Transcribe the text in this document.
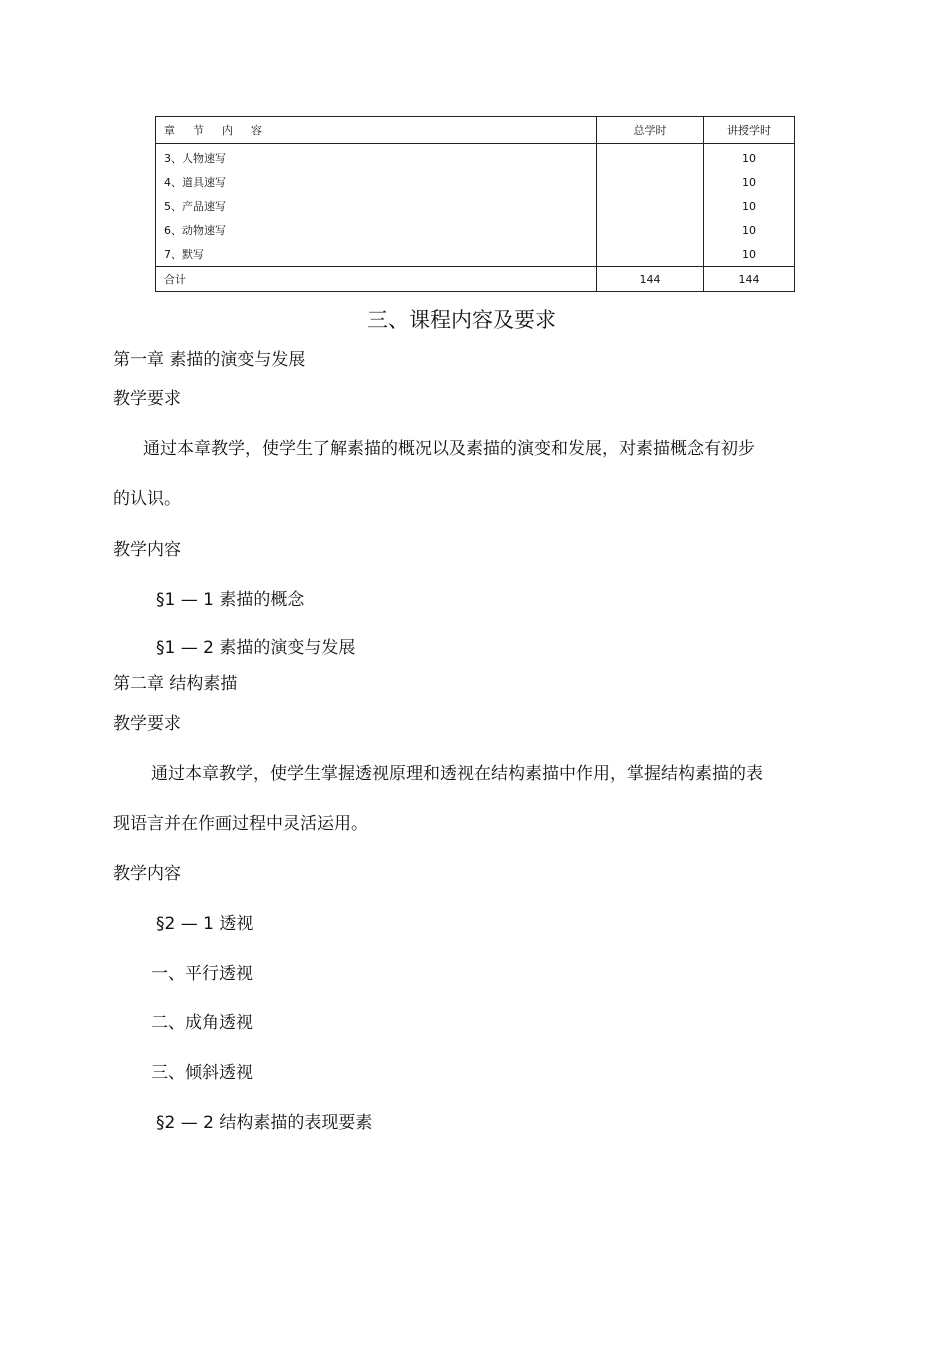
章节内容	总学时	讲授学时
3、人物速写		10
4、道具速写		10
5、产品速写		10
6、动物速写		10
7、默写		10
合计	144	144
三、课程内容及要求
第一章 素描的演变与发展
教学要求
通过本章教学，使学生了解素描的概况以及素描的演变和发展，对素描概念有初步
的认识。
教学内容
§1 — 1 素描的概念
§1 — 2 素描的演变与发展
第二章 结构素描
教学要求
通过本章教学，使学生掌握透视原理和透视在结构素描中作用，掌握结构素描的表
现语言并在作画过程中灵活运用。
教学内容
§2 — 1 透视
一、平行透视
二、成角透视
三、倾斜透视
§2 — 2 结构素描的表现要素
